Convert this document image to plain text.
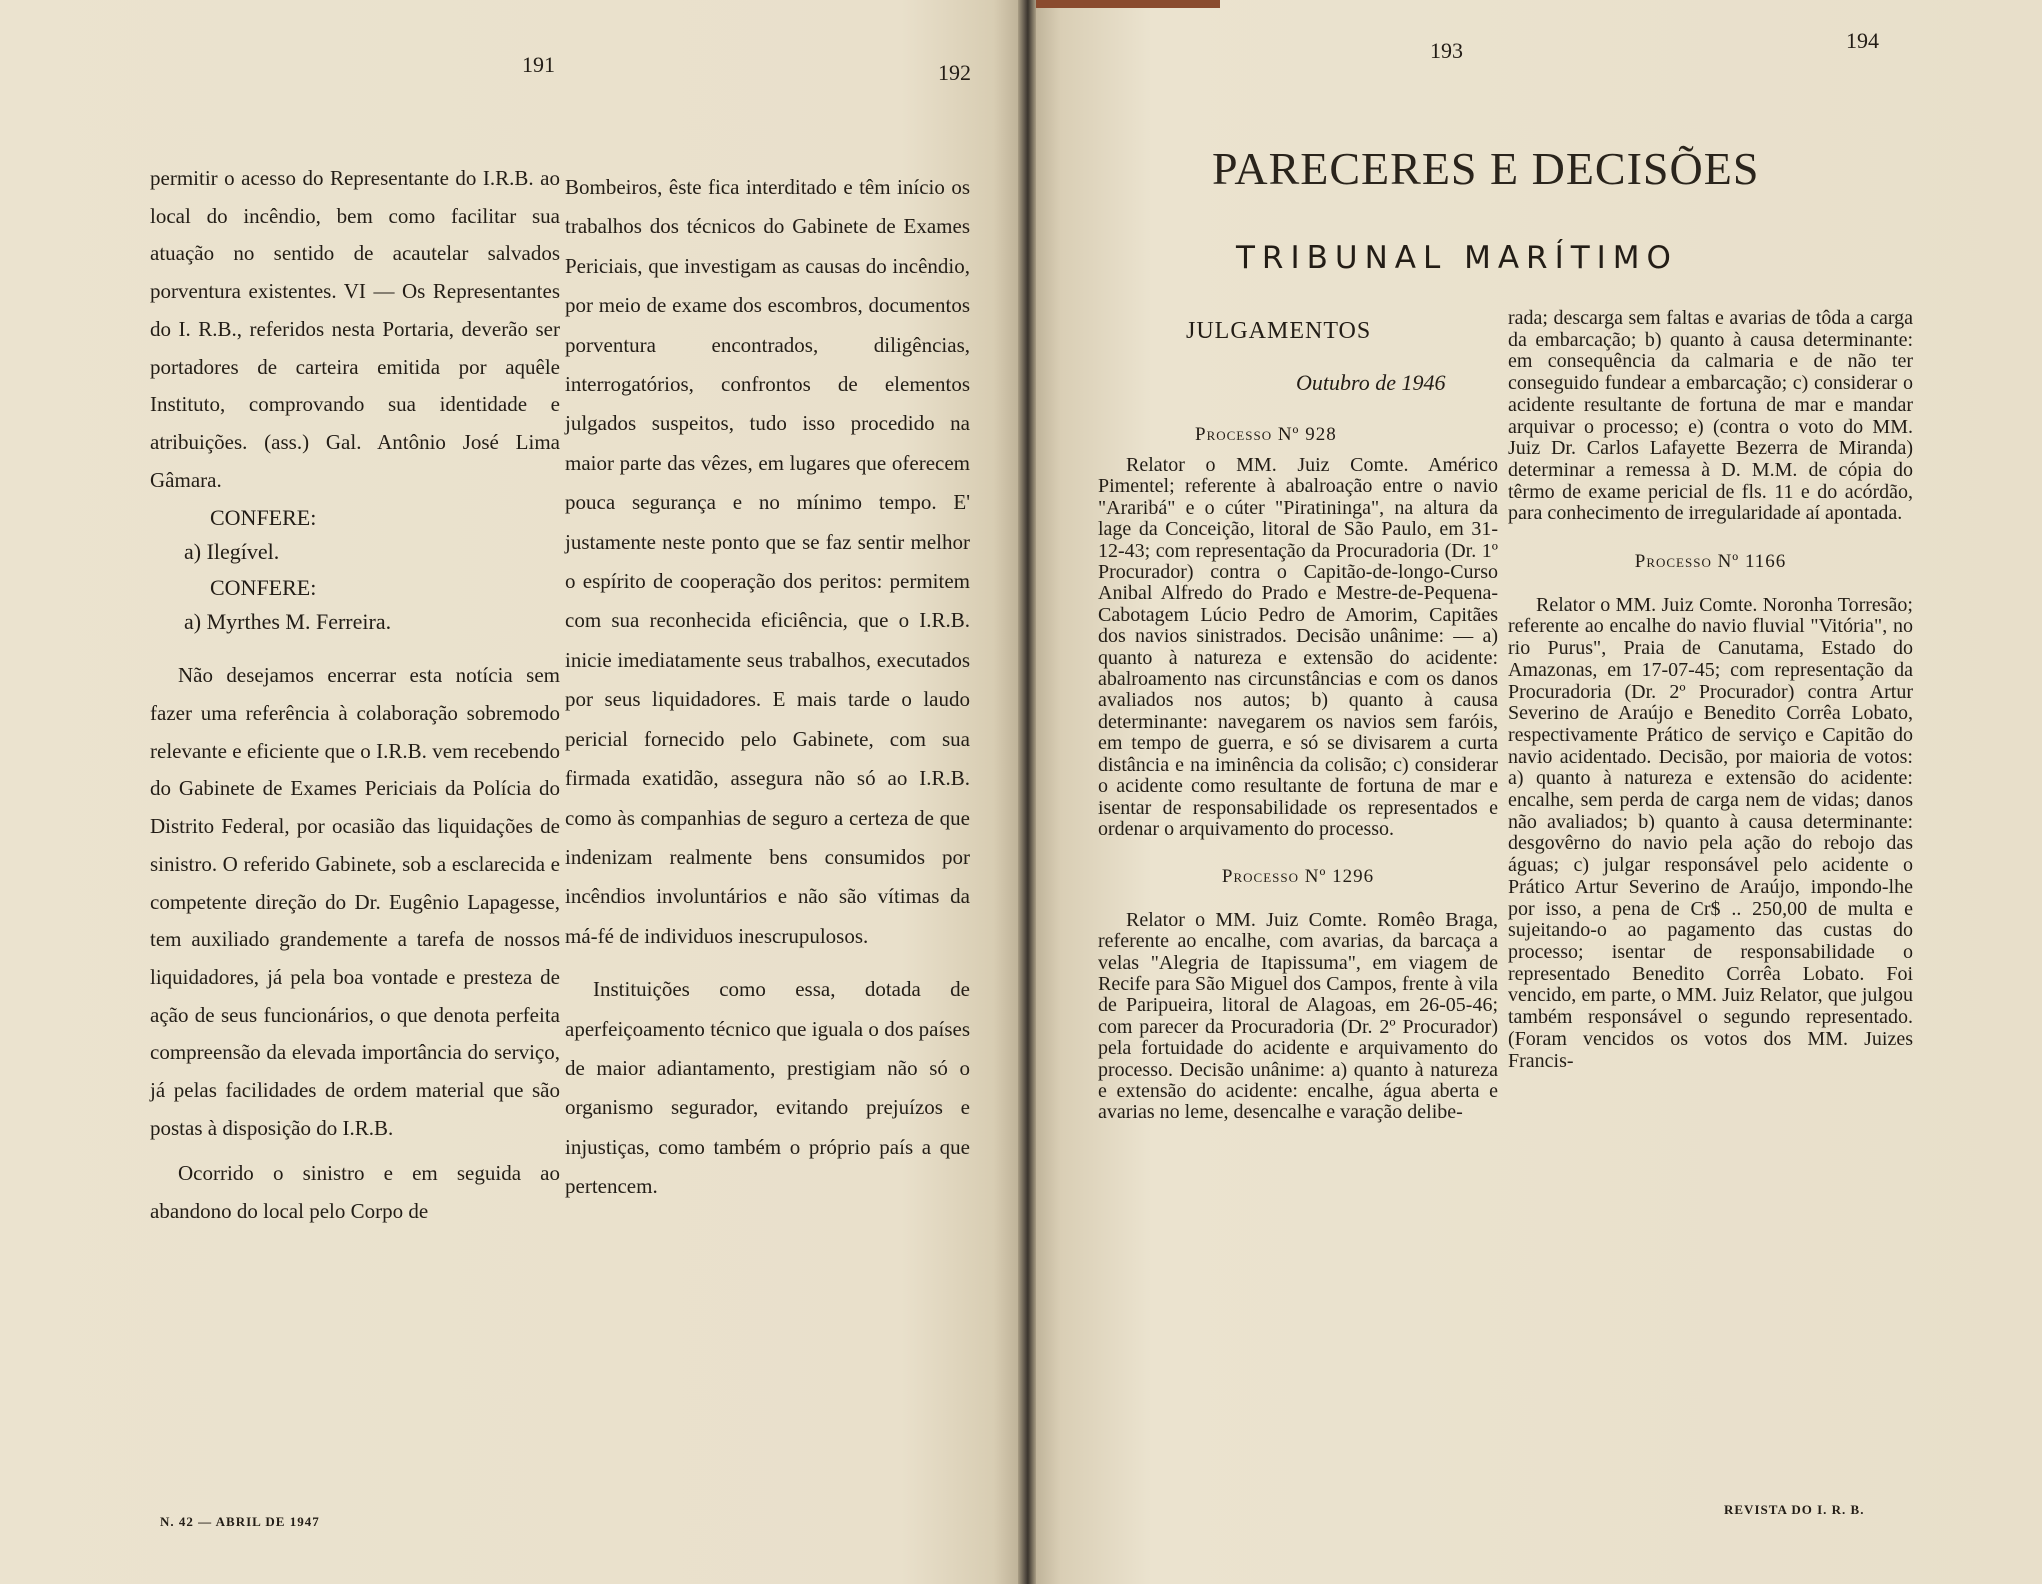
191	192

permitir o acesso do Representante do I.R.B. ao local do incêndio, bem como facilitar sua atuação no sentido de acautelar salvados porventura existentes. VI — Os Representantes do I. R.B., referidos nesta Portaria, deverão ser portadores de carteira emitida por aquêle Instituto, comprovando sua identidade e atribuições. (ass.) Gal. Antônio José Lima Gâmara.

CONFERE:
a) Ilegível.
CONFERE:
a) Myrthes M. Ferreira.

Não desejamos encerrar esta notícia sem fazer uma referência à colaboração sobremodo relevante e eficiente que o I.R.B. vem recebendo do Gabinete de Exames Periciais da Polícia do Distrito Federal, por ocasião das liquidações de sinistro. O referido Gabinete, sob a esclarecida e competente direção do Dr. Eugênio Lapagesse, tem auxiliado grandemente a tarefa de nossos liquidadores, já pela boa vontade e presteza de ação de seus funcionários, o que denota perfeita compreensão da elevada importância do serviço, já pelas facilidades de ordem material que são postas à disposição do I.R.B.

Ocorrido o sinistro e em seguida ao abandono do local pelo Corpo de

Bombeiros, êste fica interditado e têm início os trabalhos dos técnicos do Gabinete de Exames Periciais, que investigam as causas do incêndio, por meio de exame dos escombros, documentos porventura encontrados, diligências, interrogatórios, confrontos de elementos julgados suspeitos, tudo isso procedido na maior parte das vêzes, em lugares que oferecem pouca segurança e no mínimo tempo. E' justamente neste ponto que se faz sentir melhor o espírito de cooperação dos peritos: permitem com sua reconhecida eficiência, que o I.R.B. inicie imediatamente seus trabalhos, executados por seus liquidadores. E mais tarde o laudo pericial fornecido pelo Gabinete, com sua firmada exatidão, assegura não só ao I.R.B. como às companhias de seguro a certeza de que indenizam realmente bens consumidos por incêndios involuntários e não são vítimas da má-fé de individuos inescrupulosos.

Instituições como essa, dotada de aperfeiçoamento técnico que iguala o dos países de maior adiantamento, prestigiam não só o organismo segurador, evitando prejuízos e injustiças, como também o próprio país a que pertencem.

N. 42 — ABRIL DE 1947
193	194
PARECERES E DECISÕES
TRIBUNAL MARÍTIMO
JULGAMENTOS
Outubro de 1946
Processo Nº 928

Relator o MM. Juiz Comte. Américo Pimentel; referente à abalroação entre o navio "Araribá" e o cúter "Piratininga", na altura da lage da Conceição, litoral de São Paulo, em 31-12-43; com representação da Procuradoria (Dr. 1º Procurador) contra o Capitão-de-longo-Curso Anibal Alfredo do Prado e Mestre-de-Pequena-Cabotagem Lúcio Pedro de Amorim, Capitães dos navios sinistrados. Decisão unânime: — a) quanto à natureza e extensão do acidente: abalroamento nas circunstâncias e com os danos avaliados nos autos; b) quanto à causa determinante: navegarem os navios sem faróis, em tempo de guerra, e só se divisarem a curta distância e na iminência da colisão; c) considerar o acidente como resultante de fortuna de mar e isentar de responsabilidade os representados e ordenar o arquivamento do processo.

Processo Nº 1296

Relator o MM. Juiz Comte. Romêo Braga, referente ao encalhe, com avarias, da barcaça a velas "Alegria de Itapissuma", em viagem de Recife para São Miguel dos Campos, frente à vila de Paripueira, litoral de Alagoas, em 26-05-46; com parecer da Procuradoria (Dr. 2º Procurador) pela fortuidade do acidente e arquivamento do processo. Decisão unânime: a) quanto à natureza e extensão do acidente: encalhe, água aberta e avarias no leme, desencalhe e varação delibe-

rada; descarga sem faltas e avarias de tôda a carga da embarcação; b) quanto à causa determinante: em consequência da calmaria e de não ter conseguido fundear a embarcação; c) considerar o acidente resultante de fortuna de mar e mandar arquivar o processo; e) (contra o voto do MM. Juiz Dr. Carlos Lafayette Bezerra de Miranda) determinar a remessa à D. M.M. de cópia do têrmo de exame pericial de fls. 11 e do acórdão, para conhecimento de irregularidade aí apontada.

Processo Nº 1166

Relator o MM. Juiz Comte. Noronha Torresão; referente ao encalhe do navio fluvial "Vitória", no rio Purus", Praia de Canutama, Estado do Amazonas, em 17-07-45; com representação da Procuradoria (Dr. 2º Procurador) contra Artur Severino de Araújo e Benedito Corrêa Lobato, respectivamente Prático de serviço e Capitão do navio acidentado. Decisão, por maioria de votos: a) quanto à natureza e extensão do acidente: encalhe, sem perda de carga nem de vidas; danos não avaliados; b) quanto à causa determinante: desgovêrno do navio pela ação do rebojo das águas; c) julgar responsável pelo acidente o Prático Artur Severino de Araújo, impondo-lhe por isso, a pena de Cr$ .. 250,00 de multa e sujeitando-o ao pagamento das custas do processo; isentar de responsabilidade o representado Benedito Corrêa Lobato. Foi vencido, em parte, o MM. Juiz Relator, que julgou também responsável o segundo representado. (Foram vencidos os votos dos MM. Juizes Francis-

REVISTA DO I. R. B.
